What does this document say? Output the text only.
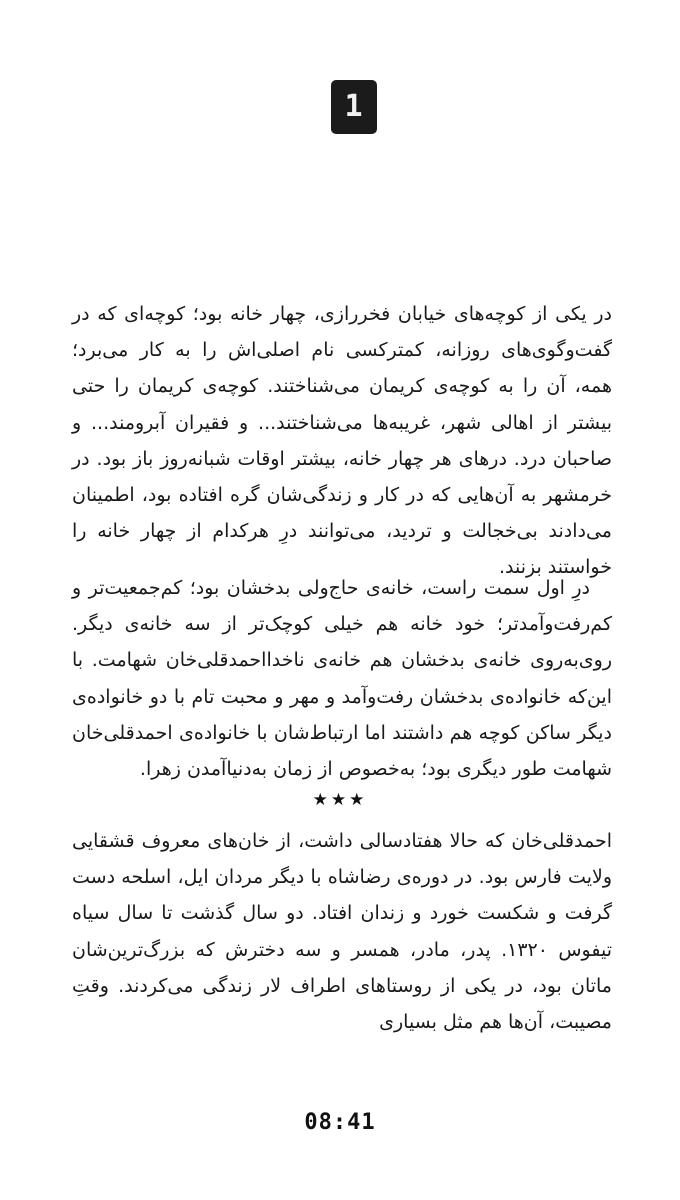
1

در یکی از کوچه‌های خیابان فخررازی، چهار خانه بود؛ کوچه‌ای که در گفت‌وگوی‌های روزانه، کمترکسی نام اصلی‌اش را به کار می‌برد؛ همه، آن را به کوچه‌ی کریمان می‌شناختند. کوچه‌ی کریمان را حتی بیشتر از اهالی شهر، غریبه‌ها می‌شناختند... و فقیران آبرومند... و صاحبان درد. درهای هر چهار خانه، بیشتر اوقات شبانه‌روز باز بود. در خرمشهر به آن‌هایی که در کار و زندگی‌شان گره افتاده بود، اطمینان می‌دادند بی‌خجالت و تردید، می‌توانند درِ هرکدام از چهار خانه را خواستند بزنند.

درِ اول سمت راست، خانه‌ی حاج‌ولی بدخشان بود؛ کم‌جمعیت‌تر و کم‌رفت‌وآمدتر؛ خود خانه هم خیلی کوچک‌تر از سه خانه‌ی دیگر. روی‌به‌روی خانه‌ی بدخشان هم خانه‌ی ناخدااحمدقلی‌خان شهامت. با این‌که خانواده‌ی بدخشان رفت‌وآمد و مهر و محبت تام با دو خانواده‌ی دیگر ساکن کوچه هم داشتند اما ارتباط‌شان با خانواده‌ی احمدقلی‌خان شهامت طور دیگری بود؛ به‌خصوص از زمان به‌دنیاآمدن زهرا.

★★★

احمدقلی‌خان که حالا هفتادسالی داشت، از خان‌های معروف قشقایی ولایت فارس بود. در دوره‌ی رضاشاه با دیگر مردان ایل، اسلحه دست گرفت و شکست خورد و زندان افتاد. دو سال گذشت تا سال سیاه تیفوس ۱۳۲۰. پدر، مادر، همسر و سه دخترش که بزرگ‌ترین‌شان ماتان بود، در یکی از روستاهای اطراف لار زندگی می‌کردند. وقتِ مصیبت، آن‌ها هم مثل بسیاری

08:41
